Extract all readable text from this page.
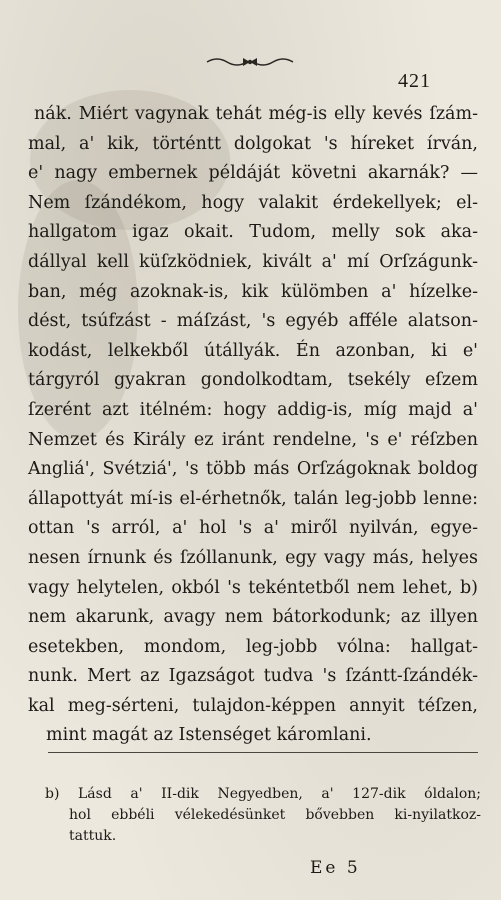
421
nák. Miért vagynak tehát még-is elly kevés ſzám-
mal, a' kik, történtt dolgokat 's híreket írván,
e' nagy embernek példáját követni akarnák? —
Nem ſzándékom, hogy valakit érdekellyek; el-
hallgatom igaz okait. Tudom, melly sok aka-
dállyal kell küſzködniek, kivált a' mí Orſzágunk-
ban, még azoknak-is, kik külömben a' hízelke-
dést, tsúfzást - máſzást, 's egyéb afféle alatson-
kodást, lelkekből útállyák. Én azonban, ki e'
tárgyról gyakran gondolkodtam, tsekély eſzem
ſzerént azt itélném: hogy addig-is, míg majd a'
Nemzet és Király ez iránt rendelne, 's e' réſzben
Angliá', Svétziá', 's több más Orſzágoknak boldog
állapottyát mí-is el-érhetnők, talán leg-jobb lenne:
ottan 's arról, a' hol 's a' miről nyilván, egye-
nesen írnunk és ſzóllanunk, egy vagy más, helyes
vagy helytelen, okból 's tekéntetből nem lehet, b)
nem akarunk, avagy nem bátorkodunk; az illyen
esetekben, mondom, leg-jobb vólna: hallgat-
nunk. Mert az Igazságot tudva 's ſzántt-ſzándék-
kal meg-sérteni, tulajdon-képpen annyit téſzen,
mint magát az Istenséget káromlani.
b) Lásd a' II-dik Negyedben, a' 127-dik óldalon;
hol ebbéli vélekedésünket bővebben ki-nyilatkoz-
tattuk.
Ee 5
